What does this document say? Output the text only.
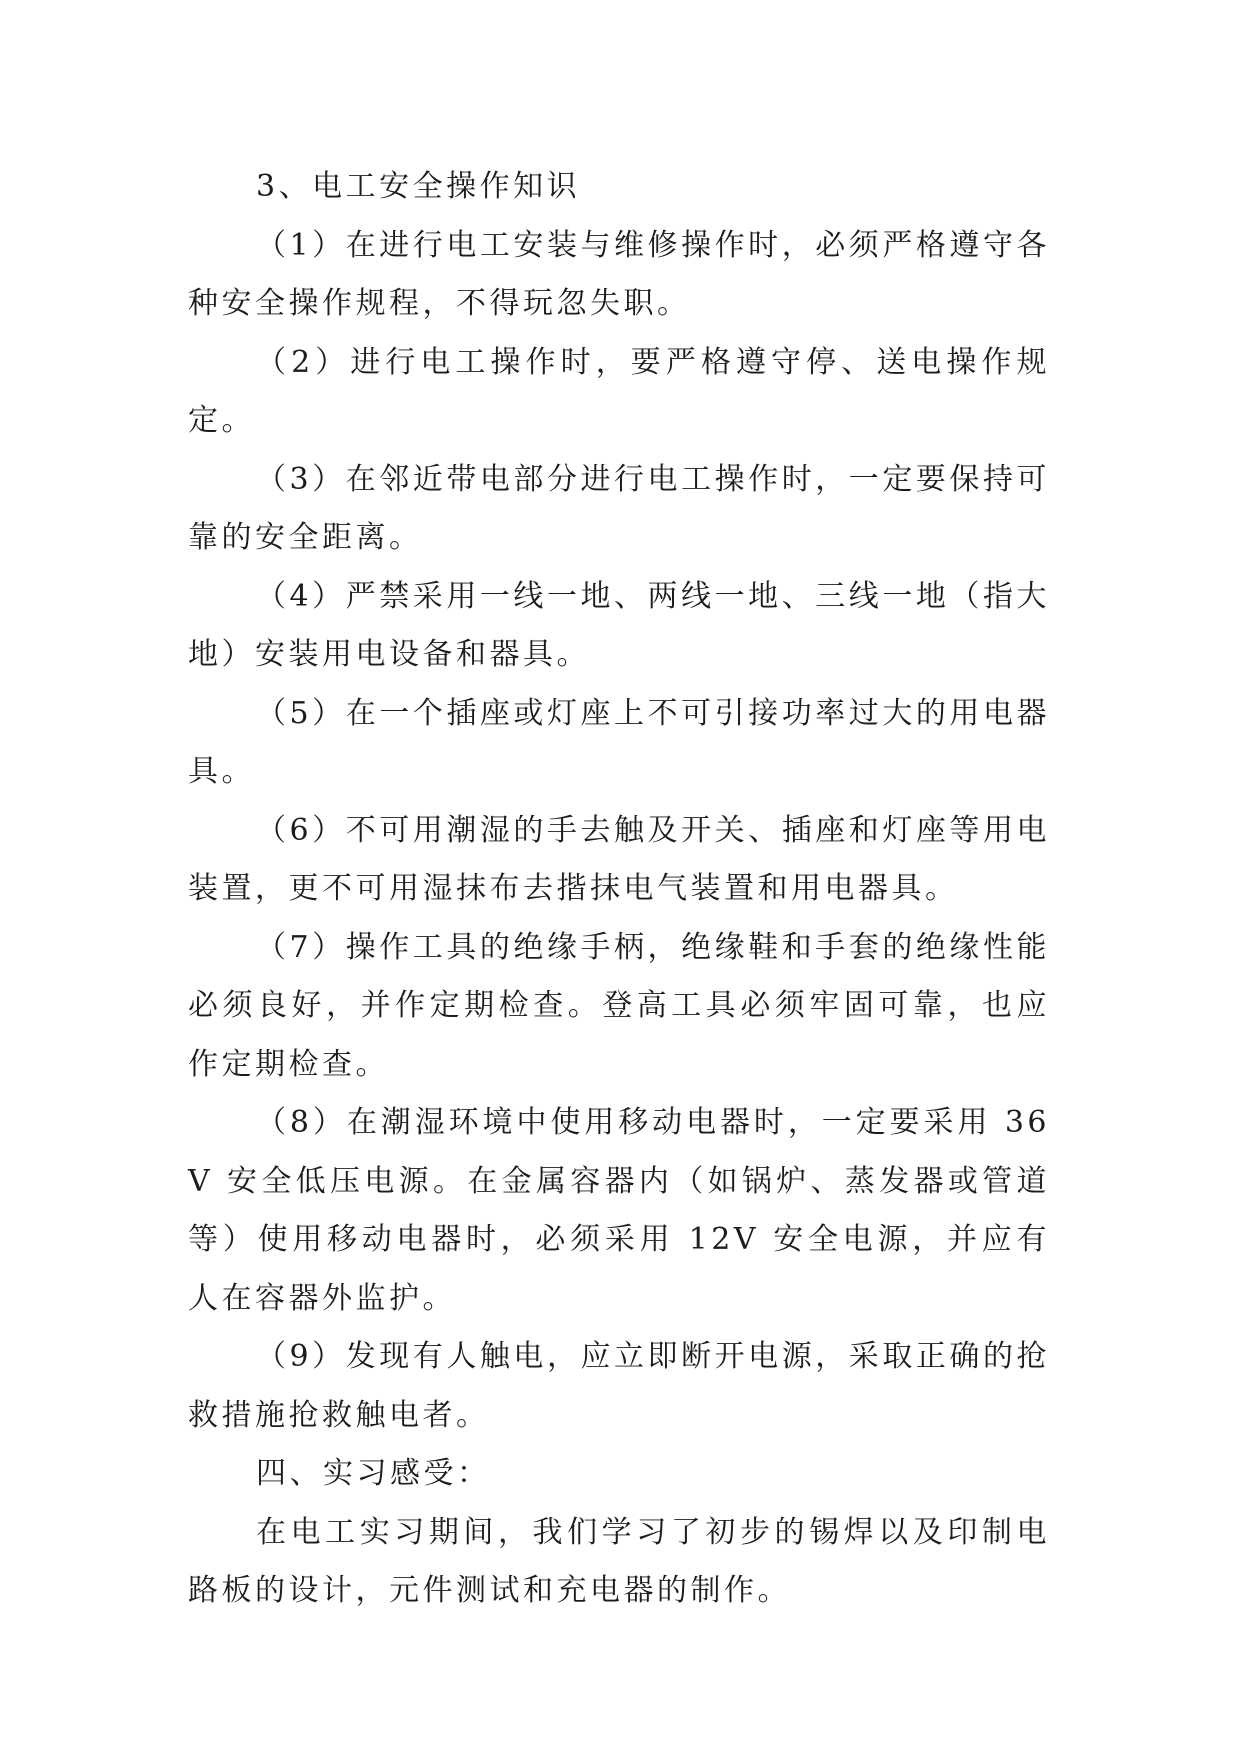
3、电工安全操作知识

（1）在进行电工安装与维修操作时，必须严格遵守各种安全操作规程，不得玩忽失职。

（2）进行电工操作时，要严格遵守停、送电操作规定。

（3）在邻近带电部分进行电工操作时，一定要保持可靠的安全距离。

（4）严禁采用一线一地、两线一地、三线一地（指大地）安装用电设备和器具。

（5）在一个插座或灯座上不可引接功率过大的用电器具。

（6）不可用潮湿的手去触及开关、插座和灯座等用电装置，更不可用湿抹布去揩抹电气装置和用电器具。

（7）操作工具的绝缘手柄，绝缘鞋和手套的绝缘性能必须良好，并作定期检查。登高工具必须牢固可靠，也应作定期检查。

（8）在潮湿环境中使用移动电器时，一定要采用 36V 安全低压电源。在金属容器内（如锅炉、蒸发器或管道等）使用移动电器时，必须采用 12V 安全电源，并应有人在容器外监护。

（9）发现有人触电，应立即断开电源，采取正确的抢救措施抢救触电者。

四、实习感受：

在电工实习期间，我们学习了初步的锡焊以及印制电路板的设计，元件测试和充电器的制作。
